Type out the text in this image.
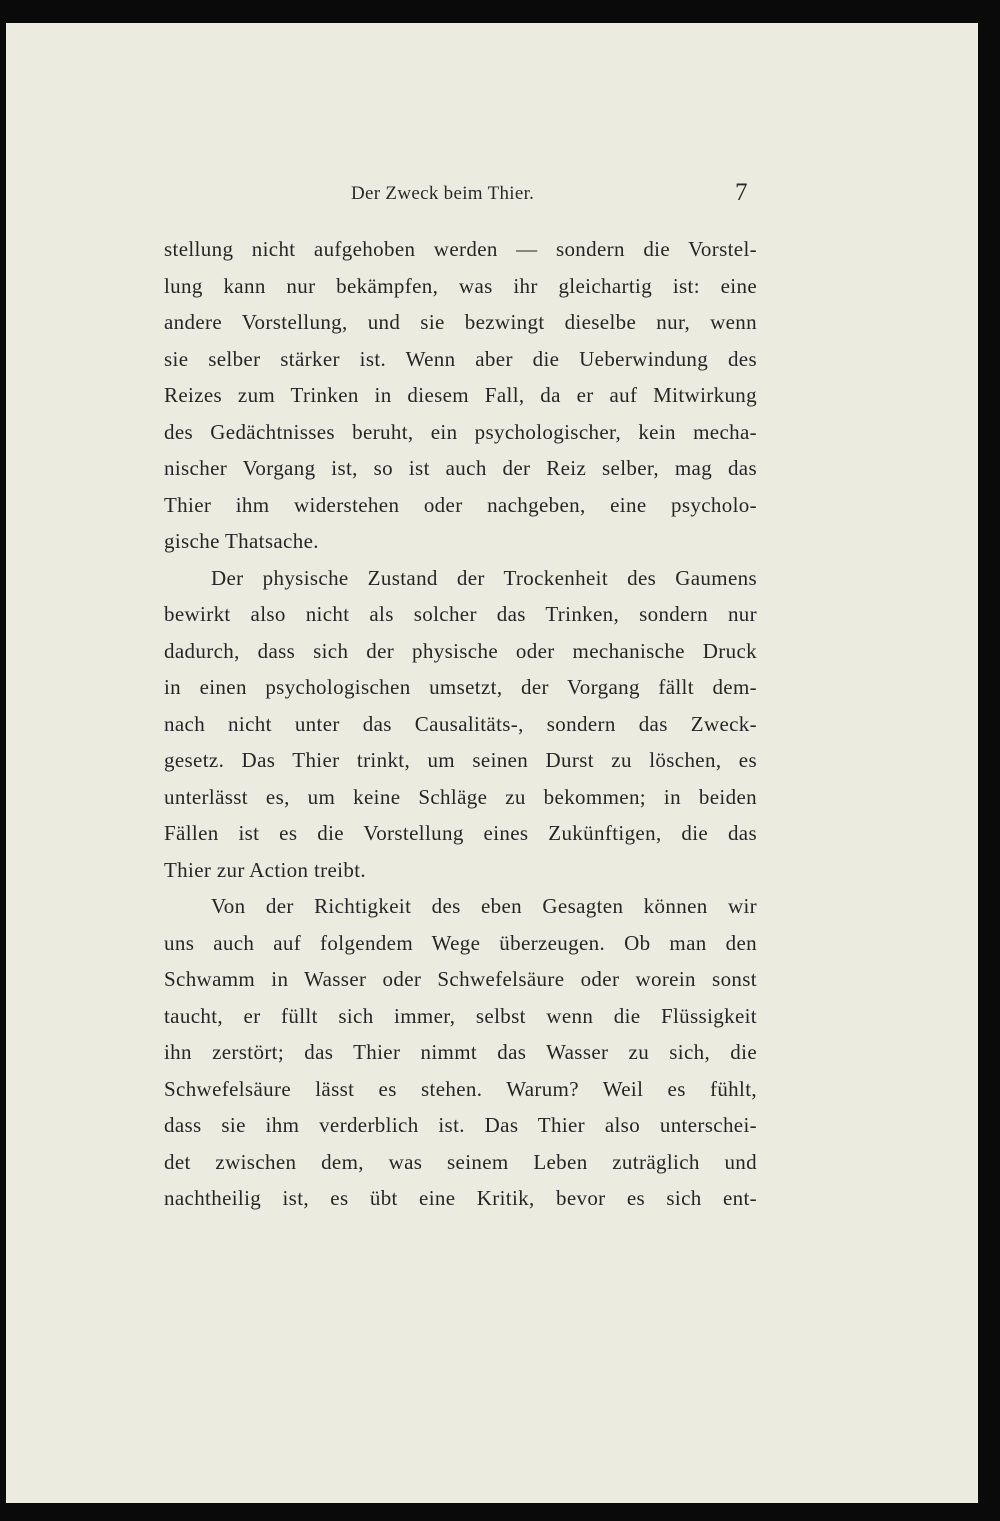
Der Zweck beim Thier.	7
stellung nicht aufgehoben werden — sondern die Vorstel-
lung kann nur bekämpfen, was ihr gleichartig ist: eine
andere Vorstellung, und sie bezwingt dieselbe nur, wenn
sie selber stärker ist. Wenn aber die Ueberwindung des
Reizes zum Trinken in diesem Fall, da er auf Mitwirkung
des Gedächtnisses beruht, ein psychologischer, kein mecha-
nischer Vorgang ist, so ist auch der Reiz selber, mag das
Thier ihm widerstehen oder nachgeben, eine psycholo-
gische Thatsache.
Der physische Zustand der Trockenheit des Gaumens
bewirkt also nicht als solcher das Trinken, sondern nur
dadurch, dass sich der physische oder mechanische Druck
in einen psychologischen umsetzt, der Vorgang fällt dem-
nach nicht unter das Causalitäts-, sondern das Zweck-
gesetz. Das Thier trinkt, um seinen Durst zu löschen, es
unterlässt es, um keine Schläge zu bekommen; in beiden
Fällen ist es die Vorstellung eines Zukünftigen, die das
Thier zur Action treibt.
Von der Richtigkeit des eben Gesagten können wir
uns auch auf folgendem Wege überzeugen. Ob man den
Schwamm in Wasser oder Schwefelsäure oder worein sonst
taucht, er füllt sich immer, selbst wenn die Flüssigkeit
ihn zerstört; das Thier nimmt das Wasser zu sich, die
Schwefelsäure lässt es stehen. Warum? Weil es fühlt,
dass sie ihm verderblich ist. Das Thier also unterschei-
det zwischen dem, was seinem Leben zuträglich und
nachtheilig ist, es übt eine Kritik, bevor es sich ent-
